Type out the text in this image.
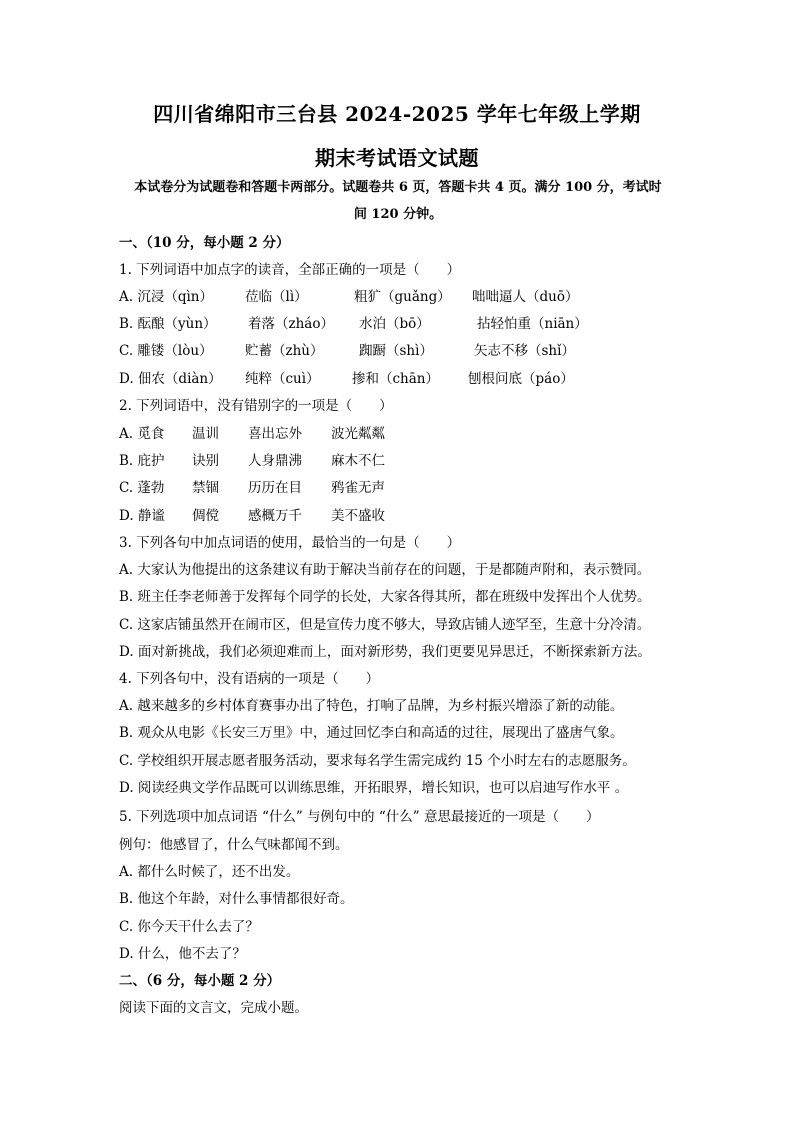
四川省绵阳市三台县 2024-2025 学年七年级上学期
期末考试语文试题
本试卷分为试题卷和答题卡两部分。试题卷共 6 页，答题卡共 4 页。满分 100 分，考试时
间 120 分钟。
一、（10 分，每小题 2 分）
1. 下列词语中加点字的读音，全部正确的一项是（　　）
A. 沉浸（qìn） 莅临（lì）	粗犷（guǎng） 咄咄逼人（duō）
B. 酝酿（yùn） 着落（zháo） 水泊（bō）	拈轻怕重（niān）
C. 雕镂（lòu） 贮蓄（zhù）	踟蹰（shì）	矢志不移（shǐ）
D. 佃农（diàn） 纯粹（cuì） 掺和（chān） 刨根问底（páo）
2. 下列词语中，没有错别字的一项是（　　）
A. 觅食 温训 喜出忘外 波光粼粼
B. 庇护 诀别 人身鼎沸 麻木不仁
C. 蓬勃 禁锢 历历在目 鸦雀无声
D. 静谧 倜傥 感概万千 美不盛收
3. 下列各句中加点词语的使用，最恰当的一句是（　　）
A. 大家认为他提出的这条建议有助于解决当前存在的问题，于是都随声附和，表示赞同。
B. 班主任李老师善于发挥每个同学的长处，大家各得其所，都在班级中发挥出个人优势。
C. 这家店铺虽然开在闹市区，但是宣传力度不够大，导致店铺人迹罕至，生意十分冷清。
D. 面对新挑战，我们必须迎难而上，面对新形势，我们更要见异思迁，不断探索新方法。
4. 下列各句中，没有语病的一项是（　　）
A. 越来越多的乡村体育赛事办出了特色，打响了品牌，为乡村振兴增添了新的动能。
B. 观众从电影《长安三万里》中，通过回忆李白和高适的过往，展现出了盛唐气象。
C. 学校组织开展志愿者服务活动，要求每名学生需完成约 15 个小时左右的志愿服务。
D. 阅读经典文学作品既可以训练思维，开拓眼界，增长知识，也可以启迪写作水平 。
5. 下列选项中加点词语 “什么” 与例句中的 “什么” 意思最接近的一项是（　　）
例句：他感冒了，什么气味都闻不到。
A. 都什么时候了，还不出发。
B. 他这个年龄，对什么事情都很好奇。
C. 你今天干什么去了？
D. 什么，他不去了？
二、（6 分，每小题 2 分）
阅读下面的文言文，完成小题。
